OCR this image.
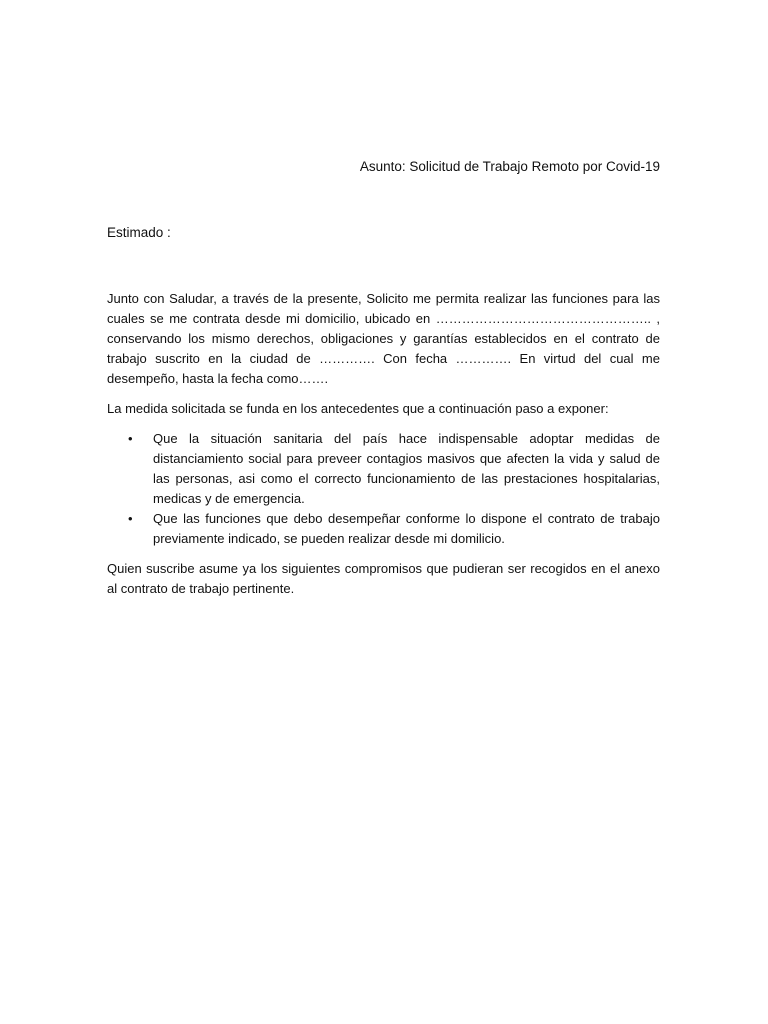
Asunto: Solicitud de Trabajo Remoto por Covid-19
Estimado :

Junto con Saludar, a través de la presente, Solicito me permita realizar las funciones para las cuales se me contrata desde mi domicilio, ubicado en ………………………………………….. , conservando los mismo derechos, obligaciones y garantías establecidos en el contrato de trabajo suscrito en la ciudad de …………. Con fecha …………. En virtud del cual me desempeño, hasta la fecha como…….

La medida solicitada se funda en los antecedentes que a continuación paso a exponer:

• Que la situación sanitaria del país hace indispensable adoptar medidas de distanciamiento social para preveer contagios masivos que afecten la vida y salud de las personas, asi como el correcto funcionamiento de las prestaciones hospitalarias, medicas y de emergencia.
• Que las funciones que debo desempeñar conforme lo dispone el contrato de trabajo previamente indicado, se pueden realizar desde mi domilicio.

Quien suscribe asume ya los siguientes compromisos que pudieran ser recogidos en el anexo al contrato de trabajo pertinente.
